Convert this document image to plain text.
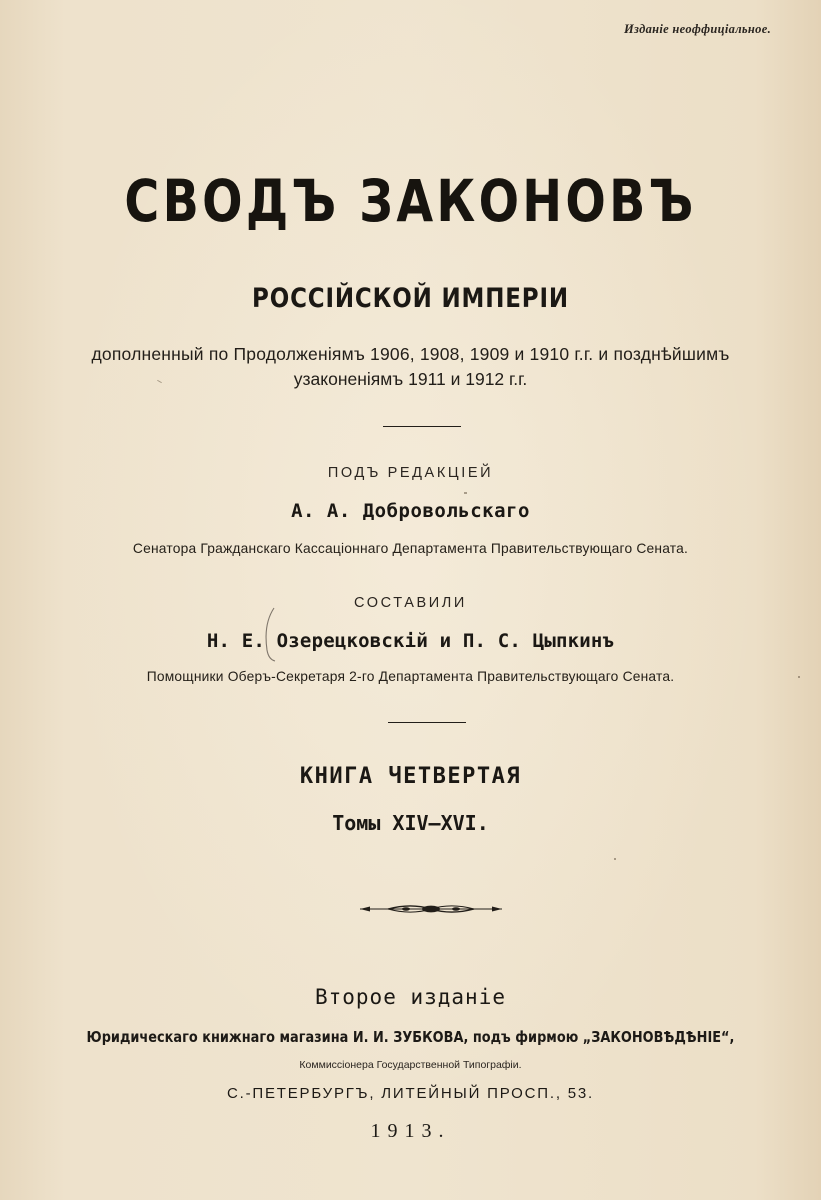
Изданіе неоффиціальное.
СВОДЪ ЗАКОНОВЪ
РОССІЙСКОЙ ИМПЕРІИ
дополненный по Продолженіямъ 1906, 1908, 1909 и 1910 г.г. и позднѣйшимъ
узаконеніямъ 1911 и 1912 г.г.
ПОДЪ РЕДАКЦІЕЙ
А. А. Добровольскаго
Сенатора Гражданскаго Кассаціоннаго Департамента Правительствующаго Сената.
СОСТАВИЛИ
Н. Е. Озерецковскій и П. С. Цыпкинъ
Помощники Оберъ-Секретаря 2-го Департамента Правительствующаго Сената.
КНИГА ЧЕТВЕРТАЯ
Томы XIV—XVI.
Второе изданіе
Юридическаго книжнаго магазина И. И. ЗУБКОВА, подъ фирмою „ЗАКОНОВѢДѢНІЕ“,
Коммиссіонера Государственной Типографіи.
С.-ПЕТЕРБУРГЪ, ЛИТЕЙНЫЙ ПРОСП., 53.
1913.
